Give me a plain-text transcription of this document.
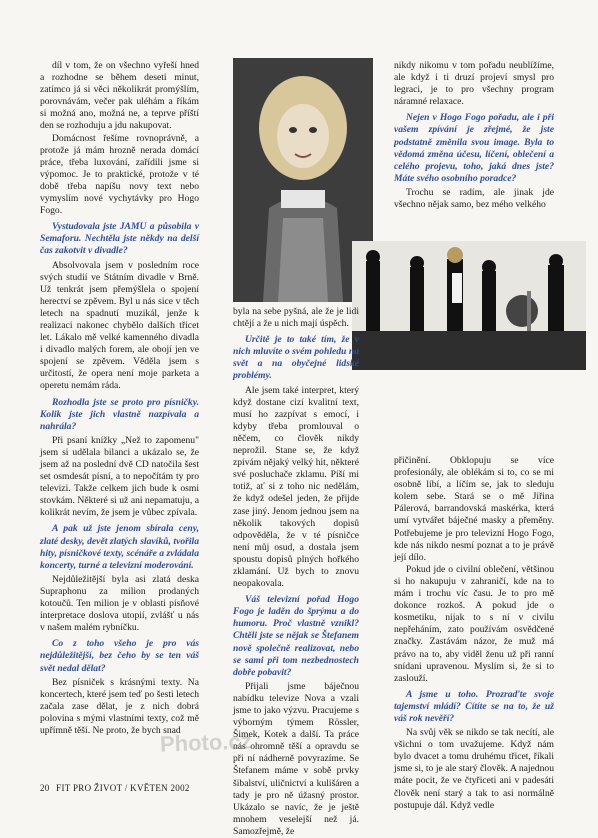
díl v tom, že on všechno vyřeší hned a rozhodne se během deseti minut, zatímco já si věci několikrát promýšlím, porovnávám, večer pak uléhám a říkám si možná ano, možná ne, a teprve příští den se rozhoduju a jdu nakupovat.

Domácnost řešíme rovnoprávně, a protože já mám hrozně nerada domácí práce, třeba luxování, zařídili jsme si výpomoc. Je to praktické, protože v té době třeba napíšu novy text nebo vymyslím nové vychytávky pro Hogo Fogo.

Vystudovala jste JAMU a působila v Semaforu. Nechtěla jste někdy na delší čas zakotvit v divadle?

Absolvovala jsem v posledním roce svých studií ve Státním divadle v Brně. Už tenkrát jsem přemýšlela o spojení herectví se zpěvem. Byl u nás sice v těch letech na spadnutí muzikál, jenže k realizaci nakonec chybělo dalších třicet let. Lákalo mě velké kamenného divadla i divadlo malých forem, ale obojí jen ve spojení se zpěvem. Věděla jsem s určitostí, že opera není moje parketa a operetu nemám ráda.

Rozhodla jste se proto pro písničky. Kolik jste jich vlastně nazpívala a nahrála?

Při psaní knížky „Než to zapomenu" jsem si udělala bilanci a ukázalo se, že jsem až na poslední dvě CD natočila šest set osmdesát písní, a to nepočítám ty pro televizi. Takže celkem jich bude k osmi stovkám. Některé si už ani nepamatuju, a kolikrát nevím, že jsem je vůbec zpívala.

A pak už jste jenom sbírala ceny, zlaté desky, devět zlatých slavíků, tvořila hity, písničkové texty, scénáře a zvládala koncerty, turné a televizní moderování.

Nejdůležitější byla asi zlatá deska Supraphonu za milion prodaných kotoučů. Ten milion je v oblasti písňové interpretace doslova utopií, zvlášť u nás v našem malém rybníčku.

Co z toho všeho je pro vás nejdůležitější, bez čeho by se ten váš svět nedal dělat?

Bez písniček s krásnými texty. Na koncertech, které jsem teď po šesti letech začala zase dělat, je z nich dobrá polovina s mými vlastními texty, což mě upřímně těší. Ne proto, že bych snad

byla na sebe pyšná, ale že je lidi chtějí a že u nich mají úspěch.

Určitě je to také tím, že v nich mluvíte o svém pohledu na svět a na obyčejné lidské problémy.

Ale jsem také interpret, který když dostane cizí kvalitní text, musí ho zazpívat s emocí, i kdyby třeba promlouval o něčem, co člověk nikdy neprožil. Stane se, že když zpívám nějaký velký hit, některé své posluchače zklamu. Píší mi totiž, ať si z toho nic nedělám, že když odešel jeden, že přijde zase jiný. Jenom jednou jsem na několik takových dopisů odpověděla, že v té písničce není můj osud, a dostala jsem spoustu dopisů plných hořkého zklamání. Už bych to znovu neopakovala.

Váš televizní pořad Hogo Fogo je laděn do šprýmu a do humoru. Proč vlastně vznikl? Chtěli jste se nějak se Štefanem nově společně realizovat, nebo se sami při tom nezbednostech dobře pobavit?

Přijali jsme báječnou nabídku televize Nova a vzali jsme to jako výzvu. Pracujeme s výborným týmem Rössler, Šimek, Kotek a další. Ta práce nás ohromně těší a opravdu se při ní nádherně povyrazíme. Se Štefanem máme v sobě prvky šibalství, uličnictví a kulišáren a tady je pro ně úžasný prostor. Ukázalo se navíc, že je ještě mnohem veselejší než já. Samozřejmě, že

nikdy nikomu v tom pořadu neublížíme, ale když i ti druzí projeví smysl pro legraci, je to pro všechny program náramné relaxace.

Nejen v Hogo Fogo pořadu, ale i při vašem zpívání je zřejmé, že jste podstatně změnila svou image. Byla to vědomá změna účesu, líčení, oblečení a celého projevu, toho, jaká dnes jste? Máte svého osobního poradce?

Trochu se radím, ale jinak jde všechno nějak samo, bez mého velkého

přičinění. Obklopuju se více profesionály, ale oblékám si to, co se mi osobně líbí, a líčím se, jak to sleduju kolem sebe. Stará se o mě Jiřina Pálerová, barrandovská maskérka, která umí vytvářet báječné masky a přeměny. Potřebujeme je pro televizní Hogo Fogo, kde nás nikdo nesmí poznat a to je právě její dílo.

Pokud jde o civilní oblečení, většinou si ho nakupuju v zahraničí, kde na to mám i trochu víc času. Je to pro mě dokonce rozkoš. A pokud jde o kosmetiku, nijak to s ní v civilu nepřeháním, zato používám osvědčené značky. Zastávám názor, že muž má právo na to, aby viděl ženu už při ranní snídani upravenou. Myslím si, že si to zaslouží.

A jsme u toho. Prozraďte svoje tajemství mládí? Cítíte se na to, že už váš rok nevěří?

Na svůj věk se nikdo se tak necítí, ale všichni o tom uvažujeme. Když nám bylo dvacet a tomu druhému třicet, říkali jsme si, to je ale starý člověk. A najednou máte pocit, že ve čtyřiceti ani v padesáti člověk není starý a tak to asi normálně postupuje dál. Když vedle

Photo.cz
20 FIT PRO ŽIVOT / KVĚTEN 2002
